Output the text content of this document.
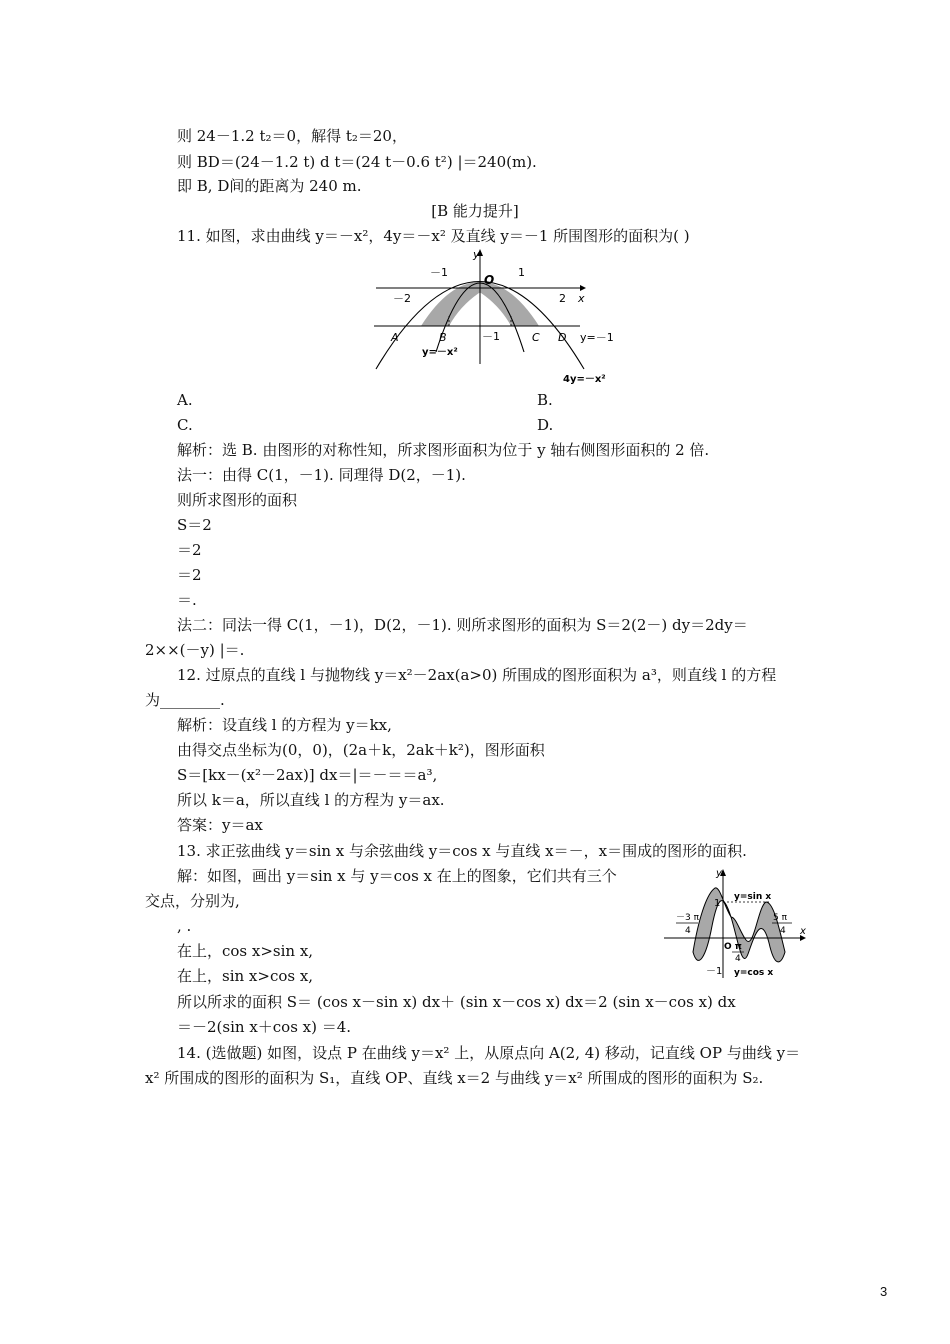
则 24－1.2 t₂＝0，解得 t₂＝20，
则 BD＝(24－1.2 t) d t＝(24 t－0.6 t²) |＝240(m).
即 B, D间的距离为 240 m.
[B 能力提升]
11. 如图，求由曲线 y＝－x²，4y＝－x² 及直线 y＝－1 所围图形的面积为( )
y
x
O
－1	1
－2	2
－1
A	B	C D y=－1
y=－x²
4y=－x²
A.	B.
C.	D.
解析：选 B. 由图形的对称性知，所求图形面积为位于 y 轴右侧图形面积的 2 倍.
法一：由得 C(1，－1). 同理得 D(2，－1).
则所求图形的面积
S＝2
＝2
＝2
＝.
法二：同法一得 C(1，－1)，D(2，－1). 则所求图形的面积为 S＝2(2－) dy＝2dy＝
2××(－y) |＝.
12. 过原点的直线 l 与抛物线 y＝x²－2ax(a>0) 所围成的图形面积为 a³，则直线 l 的方程
为________.
解析：设直线 l 的方程为 y＝kx,
由得交点坐标为(0，0)，(2a＋k，2ak＋k²)，图形面积
S＝[kx－(x²－2ax)] dx＝|＝－＝＝a³,
所以 k＝a，所以直线 l 的方程为 y＝ax.
答案：y＝ax
13. 求正弦曲线 y＝sin x 与余弦曲线 y＝cos x 与直线 x＝－，x＝围成的图形的面积.
解：如图，画出 y＝sin x 与 y＝cos x 在上的图象，它们共有三个
交点，分别为,
, .
在上，cos x>sin x,
在上，sin x>cos x,
所以所求的面积 S＝ (cos x－sin x) dx＋ (sin x－cos x) dx＝2 (sin x－cos x) dx
＝－2(sin x＋cos x) ＝4.
y
x
1
－1
y=sin x
y=cos x
－3 π
4
5 π
4
O π
4
14. (选做题) 如图，设点 P 在曲线 y＝x² 上，从原点向 A(2, 4) 移动，记直线 OP 与曲线 y＝
x² 所围成的图形的面积为 S₁，直线 OP、直线 x＝2 与曲线 y＝x² 所围成的图形的面积为 S₂.
3
